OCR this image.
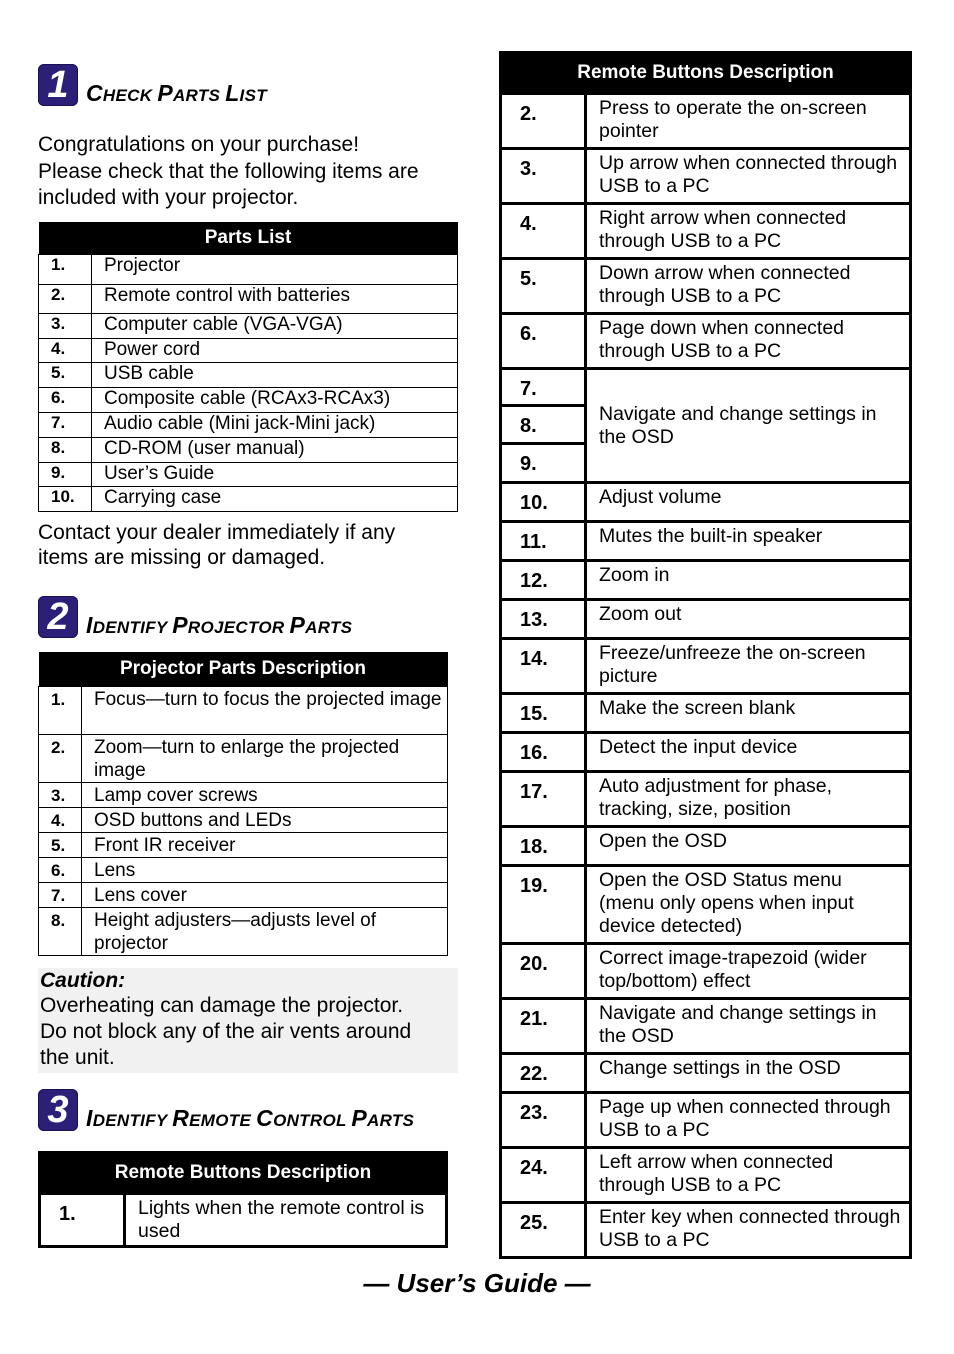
1 CHECK PARTS LIST
Congratulations on your purchase!
Please check that the following items are
included with your projector.
Parts List	
1.	Projector
2.	Remote control with batteries
3.	Computer cable (VGA-VGA)
4.	Power cord
5.	USB cable
6.	Composite cable (RCAx3-RCAx3)
7.	Audio cable (Mini jack-Mini jack)
8.	CD-ROM (user manual)
9.	User’s Guide
10.	Carrying case
Contact your dealer immediately if any
items are missing or damaged.
2 IDENTIFY PROJECTOR PARTS
Projector Parts Description	
1.	Focus—turn to focus the projected image
2.	Zoom—turn to enlarge the projected image
3.	Lamp cover screws
4.	OSD buttons and LEDs
5.	Front IR receiver
6.	Lens
7.	Lens cover
8.	Height adjusters—adjusts level of projector
Caution:
Overheating can damage the projector.
Do not block any of the air vents around
the unit.
3 IDENTIFY REMOTE CONTROL PARTS
Remote Buttons Description
1.	Lights when the remote control is used
Remote Buttons Description	
2.	Press to operate the on-screen pointer
3.	Up arrow when connected through USB to a PC
4.	Right arrow when connected through USB to a PC
5.	Down arrow when connected through USB to a PC
6.	Page down when connected through USB to a PC
7.	Navigate and change settings in the OSD
8.	
9.	
10.	Adjust volume
11.	Mutes the built-in speaker
12.	Zoom in
13.	Zoom out
14.	Freeze/unfreeze the on-screen picture
15.	Make the screen blank
16.	Detect the input device
17.	Auto adjustment for phase, tracking, size, position
18.	Open the OSD
19.	Open the OSD Status menu (menu only opens when input device detected)
20.	Correct image-trapezoid (wider top/bottom) effect
21.	Navigate and change settings in the OSD
22.	Change settings in the OSD
23.	Page up when connected through USB to a PC
24.	Left arrow when connected through USB to a PC
25.	Enter key when connected through USB to a PC
— User’s Guide —
